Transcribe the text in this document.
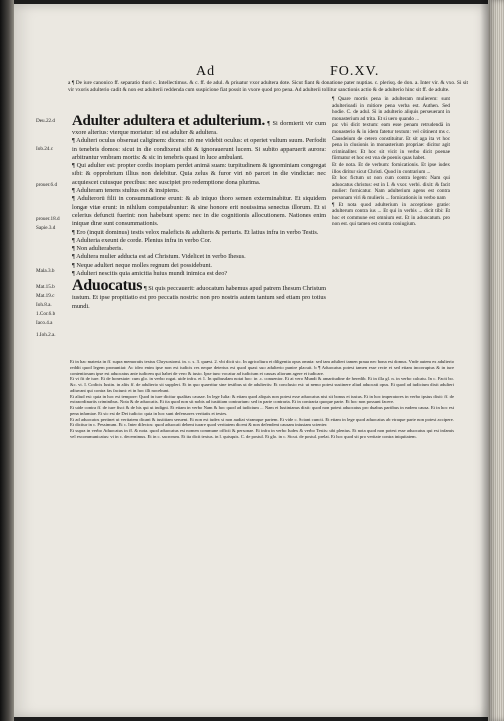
Ad	FO.XV.
a ¶ De iure canonico ff. separatio thori c. Intellectimus. & c. ff. de adul. & priuatur vxor adultera dote. Sicut fiant & donatione pater nuptias. c. plerisq. de don. a. Inter vir. & vxo. Si sit vir vxoris adulterio cadit & non est adulterii reddenda cum suspicione fiat possit in vxore quod pro pena. Ad adulterii tollitur sanctionis actio & de adulterio hinc sit ff. de adulte.
Deu.22.d
Iob.24.c
prouer.6.d
prouer.18.d
Sapie.3.d
Mala.3.b
Mat.15.b
Mat.19.c
Ioh.8.a.
1.Cor.6.b
Iaco.4.a
1.Ioh.2.a.

Adulter adultera et adulterium. ¶ Si dormierit vir cum vxore alterius: vterque moriatur: id est adulter & adultera.

¶ Adulteri oculus obseruat caliginem: dicens: nō me videbit oculus: et operiet vultum suum. Perfodit in tenebris domos: sicut in die condixerat sibi & ignorauerunt lucem. Si subito apparuerit aurora: arbitrantur vmbram mortis: & sic in tenebris quasi in luce ambulant.

¶ Qui adulter est: propter cordis inopiam perdet animā suam: turpitudinem & ignominiam congregat sibi: & opprobrium illius non delebitur. Quia zelus & furor viri nō parcet in die vindictæ: nec acquiescet cuiusque precibus: nec suscipiet pro redemptione dona plurima.

¶ Adulteram tenens stultus est & insipiens.

¶ Adulterorū filii in consummatione erunt: & ab iniquo thoro semen exterminabitur. Et siquidem longæ vitæ erunt: in nihilum computabuntur: & sine honore erit nouissima senectus illorum. Et si celerius defuncti fuerint: non habebunt spem: nec in die cognitionis allocutionem. Nationes enim iniquæ diræ sunt consummationis.

¶ Ero (inquit dominus) testis velox maleficis & adulteris & periuris. Et latius infra in verbo Testis.

¶ Adulteria exeunt de corde. Plenius infra in verbo Cor.

¶ Non adulteraberis.

¶ Adultera mulier adducta est ad Christum. Videlicet in verbo Ihesus.

¶ Neque adulteri neque molles regnum dei possidebunt.

¶ Adulteri nescitis quia amicitia huius mundi inimica est deo?

Aduocatus ¶ Si quis peccauerit: aduocatum habemus apud patrem Ihesum Christum iustum. Et ipse propitiatio est pro peccatis nostris: non pro nostris autem tantum sed etiam pro totius mundi.

¶ Quare mortis pena in adulteram mulierem: sunt adulterioadi in mitiore pena verba est. Authen. Sed hodie. C. de adul. Si in adulterio aliquis perseuerant in monasterium ad trita. Et si uero quando ...

pa: vbi dicit textum: eam esse penam retrudendā in monasterio & in idem fatetur textum: vel cōtinent ms c. Causdeium de cetero constituitur. Et sit aga ita vt hoc pena in clusionis in monasterium propriae: dicitur agit criminaliter. Et hoc sit vicit in verbo dicit poenae fōrmatur et hoc est vna de poenis quas habet.

Et de nota. Et de verbum: fornicationis. Et ipse iudex illos diritur sicut Christi. Quod in contrarium ...

Et hoc fictum ut non cum contra legem: Nam qui aduocatus christus: est in I. & vxor. verbi. dixit: & facit mulier: fornicatur. Nam adulterium agens est contra personam viri & mulieris ... fornicationis in verbo nam

¶ Et nota quod adulterium in acceptione gratie: adulterum contra ius ... Et qui in verbis ... dicit tibi: Et hoc et commune est omnium est. Et in aduocatum. pro non est. qui tamen est contra coniugium.

Et in hac materia in ff. supra memoratis textus Chrysostomi. in. c. s. 3. quæst. 2. vbi dicit sic. In agricoltura et diligentia opus omnia: sed tam adulteri tamen praua nec bona est domus. Vnde autem ex adulterio reddit quod legem pronuntiat: Ac ideo enim ipse non est iudicis res neque deterius est quod quasi suo adulterio punire placuit. b ¶ Aduocatus potest tamen esse recte et sed etiam incorruptus & in iure contentiosum ipse est aduocatus ante iudicem qui habet de vero & iusto. Ipse tunc vocatur ad iudicium et causas aliorum agere et iudicare.

Et vt fit de iure. Et de honestate: cum glo. in verbo rogat. uide infra. et 1. In quibusdam notat hoc: in .c. conuenior. Et at vero Mundi & amaritudine de heredib. Et in illa gl. n. in verbo calcatu. In c. Facit bo. &c. vi. I. Codicis Iustin. in aliis ff. de adulterio sit suppleri. Et in quo quaeritur sine testibus ut de adulteriis: Et conclusio est: ut nemo potest sustinere aliud aduocati opus. Et quod ad iudicium dixit adulteri adiuvant qui contra fas faciunt: et in hoc illi nocebunt.

Et aliud est: quia in hoc est tempore: Quod in iure dicitur qualitas causae. In lege Iulia: & etiam quod aliquis non potest esse aduocatus nisi sit bonus et iustus. Et in hoc imperatores in verbo ipsius dixit: ff. de extraordinariis criminibus. Nota & de aduocatis. Et ita quod non sit nobis ad iustitiam contrarium: sed in parte contraria. Et in contraria quoque parte. Et hoc non possunt facere.

Et uide contra ff. de iure fisci & de his qui ut indigni. Et etiam in verbo Nam & hoc quod ad iudicium ... Nam et Iustinianus dixit: quod non potest aduocatus pro duabus partibus in eadem causa. Et in hoc est pena infamiae. Et sic est de Dei iudicio: quia in hoc sunt defensores veritatis et testes.

Et ad aduocatos pertinet ut veritatem dicant & iustitiam seruent. Et non est iudex si non audiat vtramque partem. Et vide c. Sciant cuncti. Et etiam in lege quod aduocatus ab vtraque parte non potest accipere. Et dicitur in c. Pessimum. Et c. Inter dilectos: quod aduocati debent iurare quod veritatem dicent & non defendent causam iniustam scienter.

Et supra in verbo Aduocatus in ff. & nota. quod aduocatus est nomen commune officii & personae. Et infra in verbo Iudex & verbo Testis: ubi plenius. Et nota quod non potest esse aduocatus qui est infamis vel excommunicatus: vt in c. decernimus. Et in c. sacrorum. Et ita dicit textus. in l. quisquis. C. de postul. Et glo. in c. Sicut. de postul. prelat. Et hoc quod sit pro veritate contra iniquitatem.
